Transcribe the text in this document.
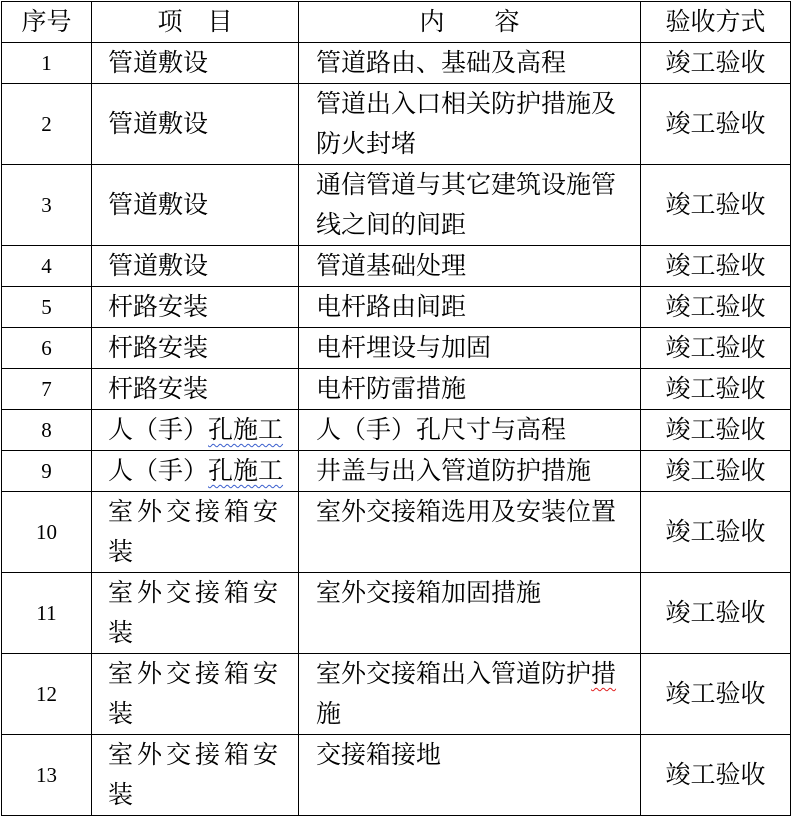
序号	项　目	内　　容	验收方式
1	管道敷设	管道路由、基础及高程	竣工验收
2	管道敷设	管道出入口相关防护措施及防火封堵	竣工验收
3	管道敷设	通信管道与其它建筑设施管线之间的间距	竣工验收
4	管道敷设	管道基础处理	竣工验收
5	杆路安装	电杆路由间距	竣工验收
6	杆路安装	电杆埋设与加固	竣工验收
7	杆路安装	电杆防雷措施	竣工验收
8	人（手）孔施工	人（手）孔尺寸与高程	竣工验收
9	人（手）孔施工	井盖与出入管道防护措施	竣工验收
10	室外交接箱安装	室外交接箱选用及安装位置	竣工验收
11	室外交接箱安装	室外交接箱加固措施	竣工验收
12	室外交接箱安装	室外交接箱出入管道防护措施	竣工验收
13	室外交接箱安装	交接箱接地	竣工验收
